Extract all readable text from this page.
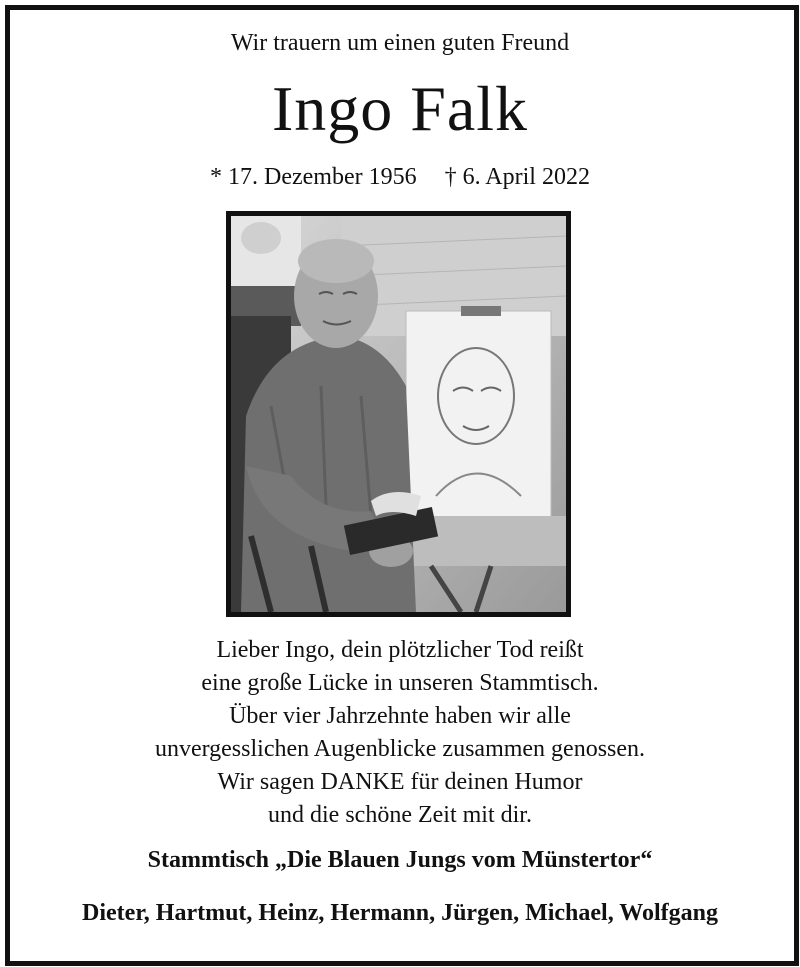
Wir trauern um einen guten Freund
Ingo Falk
* 17. Dezember 1956 † 6. April 2022
Lieber Ingo, dein plötzlicher Tod reißt
eine große Lücke in unseren Stammtisch.
Über vier Jahrzehnte haben wir alle
unvergesslichen Augenblicke zusammen genossen.
Wir sagen DANKE für deinen Humor
und die schöne Zeit mit dir.
Stammtisch „Die Blauen Jungs vom Münstertor“
Dieter, Hartmut, Heinz, Hermann, Jürgen, Michael, Wolfgang
